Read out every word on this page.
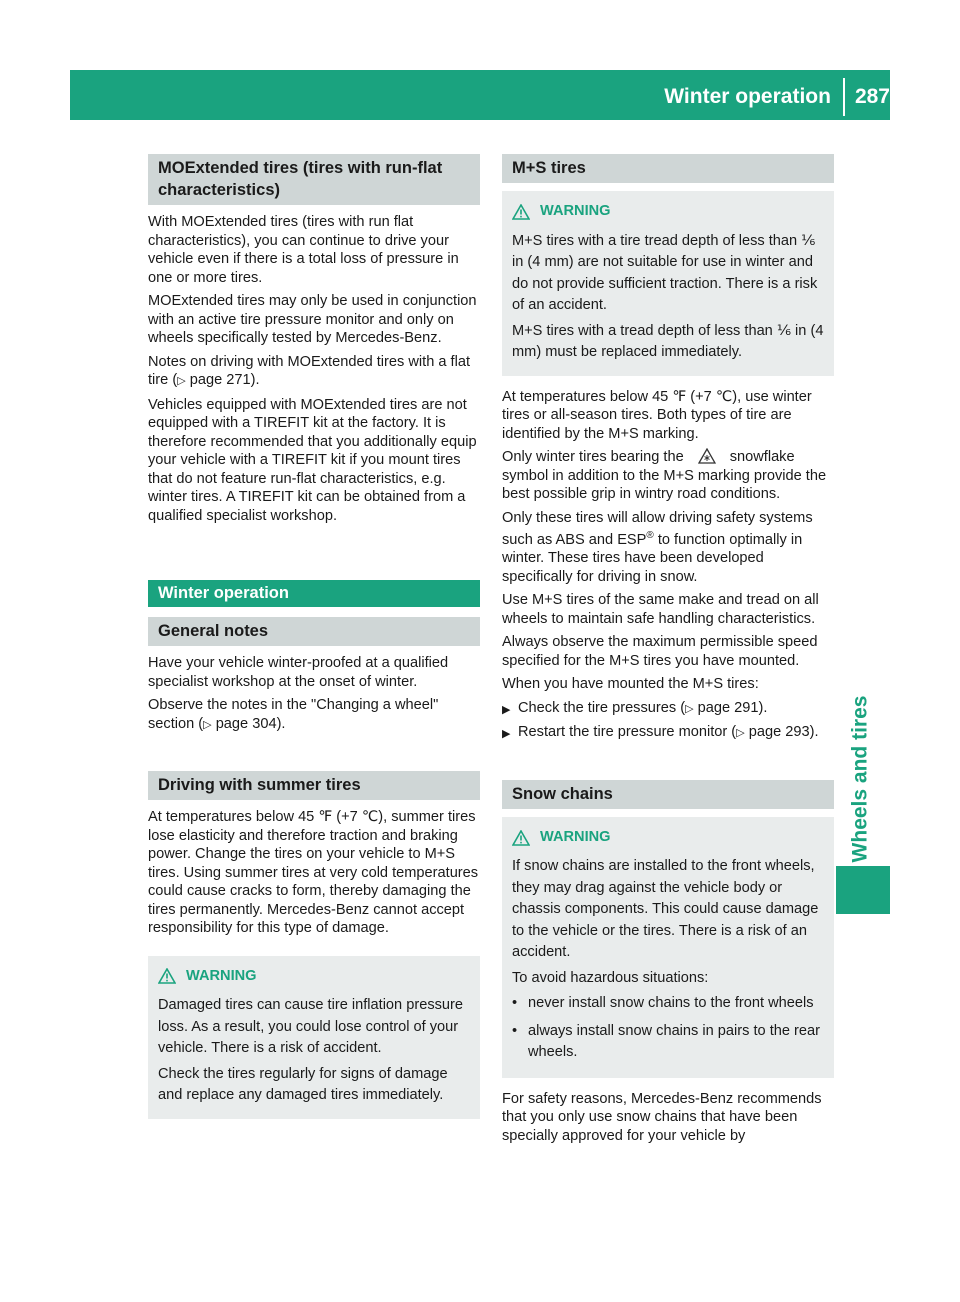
Winter operation 287
Wheels and tires
MOExtended tires (tires with run-flat characteristics)

With MOExtended tires (tires with run flat characteristics), you can continue to drive your vehicle even if there is a total loss of pressure in one or more tires.

MOExtended tires may only be used in conjunction with an active tire pressure monitor and only on wheels specifically tested by Mercedes-Benz.

Notes on driving with MOExtended tires with a flat tire (▷ page 271).

Vehicles equipped with MOExtended tires are not equipped with a TIREFIT kit at the factory. It is therefore recommended that you additionally equip your vehicle with a TIREFIT kit if you mount tires that do not feature run-flat characteristics, e.g. winter tires. A TIREFIT kit can be obtained from a qualified specialist workshop.

Winter operation
General notes

Have your vehicle winter-proofed at a qualified specialist workshop at the onset of winter.

Observe the notes in the "Changing a wheel" section (▷ page 304).

Driving with summer tires

At temperatures below 45 ℉ (+7 ℃), summer tires lose elasticity and therefore traction and braking power. Change the tires on your vehicle to M+S tires. Using summer tires at very cold temperatures could cause cracks to form, thereby damaging the tires permanently. Mercedes-Benz cannot accept responsibility for this type of damage.

WARNING

Damaged tires can cause tire inflation pressure loss. As a result, you could lose control of your vehicle. There is a risk of accident.

Check the tires regularly for signs of damage and replace any damaged tires immediately.

M+S tires
WARNING

M+S tires with a tire tread depth of less than ⅙ in (4 mm) are not suitable for use in winter and do not provide sufficient traction. There is a risk of an accident.

M+S tires with a tread depth of less than ⅙ in (4 mm) must be replaced immediately.

At temperatures below 45 ℉ (+7 ℃), use winter tires or all-season tires. Both types of tire are identified by the M+S marking.

Only winter tires bearing the	snowflake symbol in addition to the M+S marking provide the best possible grip in wintry road conditions.

Only these tires will allow driving safety systems such as ABS and ESP® to function optimally in winter. These tires have been developed specifically for driving in snow.

Use M+S tires of the same make and tread on all wheels to maintain safe handling characteristics.

Always observe the maximum permissible speed specified for the M+S tires you have mounted.

When you have mounted the M+S tires:

▶ Check the tire pressures (▷ page 291).
▶ Restart the tire pressure monitor (▷ page 293).
Snow chains
WARNING

If snow chains are installed to the front wheels, they may drag against the vehicle body or chassis components. This could cause damage to the vehicle or the tires. There is a risk of an accident.

To avoid hazardous situations:

• never install snow chains to the front wheels
• always install snow chains in pairs to the rear wheels.

For safety reasons, Mercedes-Benz recommends that you only use snow chains that have been specially approved for your vehicle by
